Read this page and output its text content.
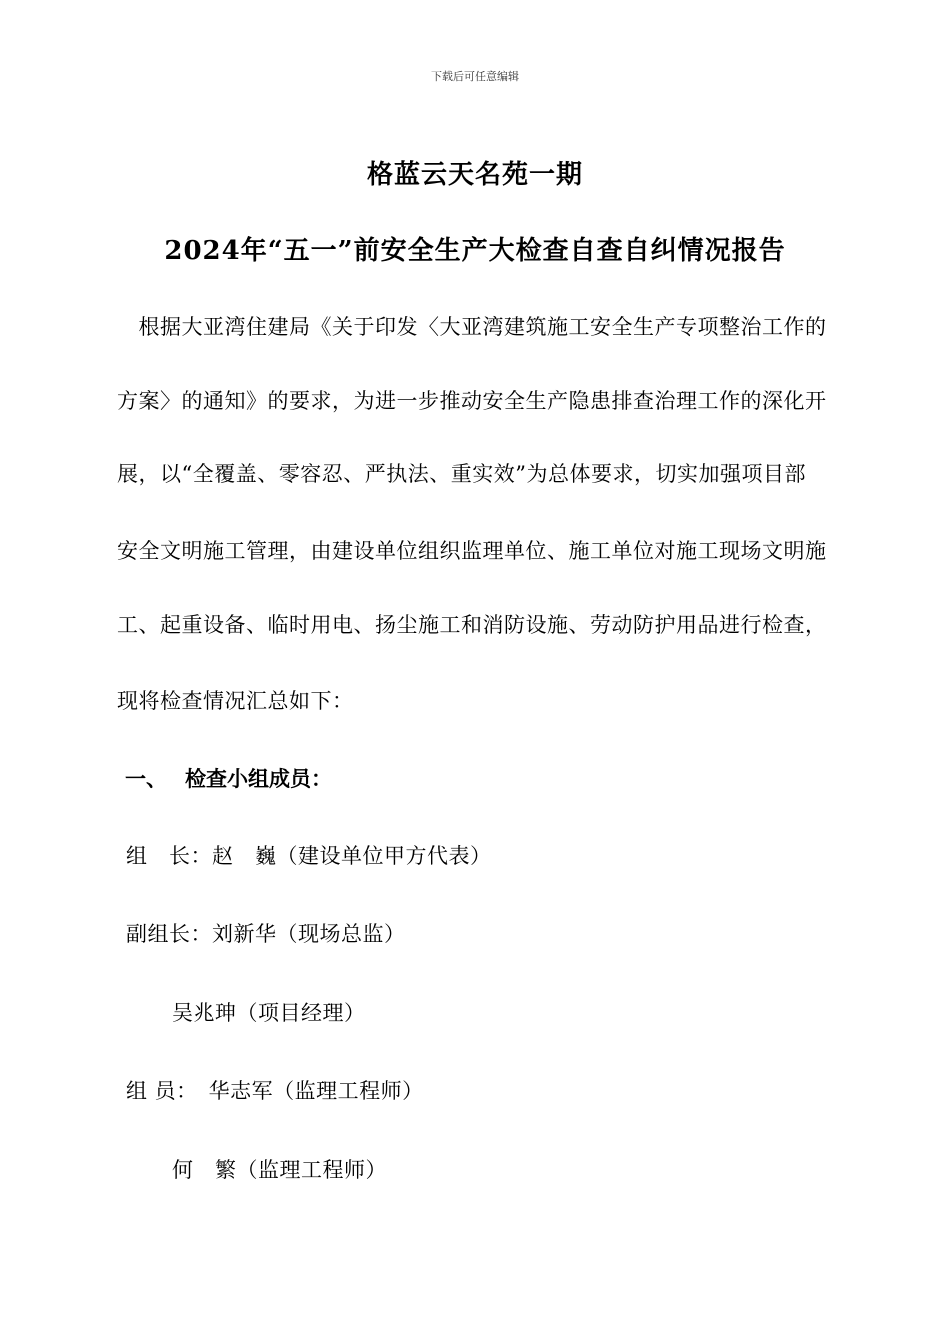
下载后可任意编辑
格蓝云天名苑一期
2024年“五一”前安全生产大检查自查自纠情况报告
　根据大亚湾住建局《关于印发〈大亚湾建筑施工安全生产专项整治工作的
方案〉的通知》的要求，为进一步推动安全生产隐患排查治理工作的深化开
展，以“全覆盖、零容忍、严执法、重实效”为总体要求，切实加强项目部
安全文明施工管理，由建设单位组织监理单位、施工单位对施工现场文明施
工、起重设备、临时用电、扬尘施工和消防设施、劳动防护用品进行检查，
现将检查情况汇总如下：
一、 检查小组成员：
组　长：赵　巍（建设单位甲方代表）
副组长：刘新华（现场总监）
吴兆珅（项目经理）
组 员：　华志军（监理工程师）
何　繁（监理工程师）
